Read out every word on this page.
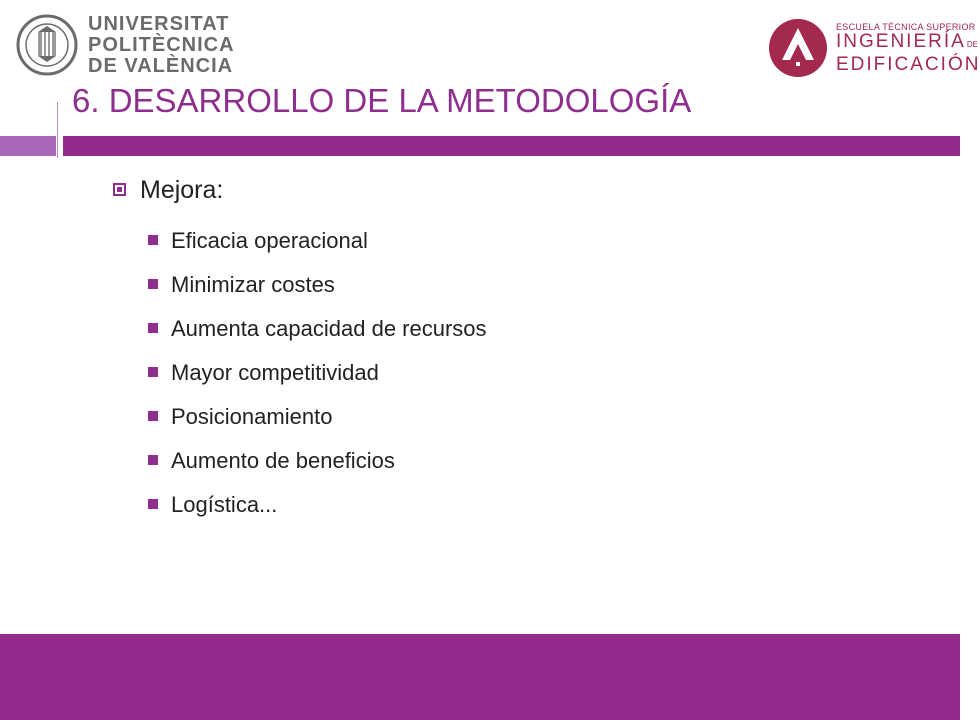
UNIVERSITAT
POLITÈCNICA
DE VALÈNCIA
ESCUELA TÉCNICA SUPERIOR
INGENIERÍADE
EDIFICACIÓN
6. DESARROLLO DE LA METODOLOGÍA
Mejora:
Eficacia operacional
Minimizar costes
Aumenta capacidad de recursos
Mayor competitividad
Posicionamiento
Aumento de beneficios
Logística...
